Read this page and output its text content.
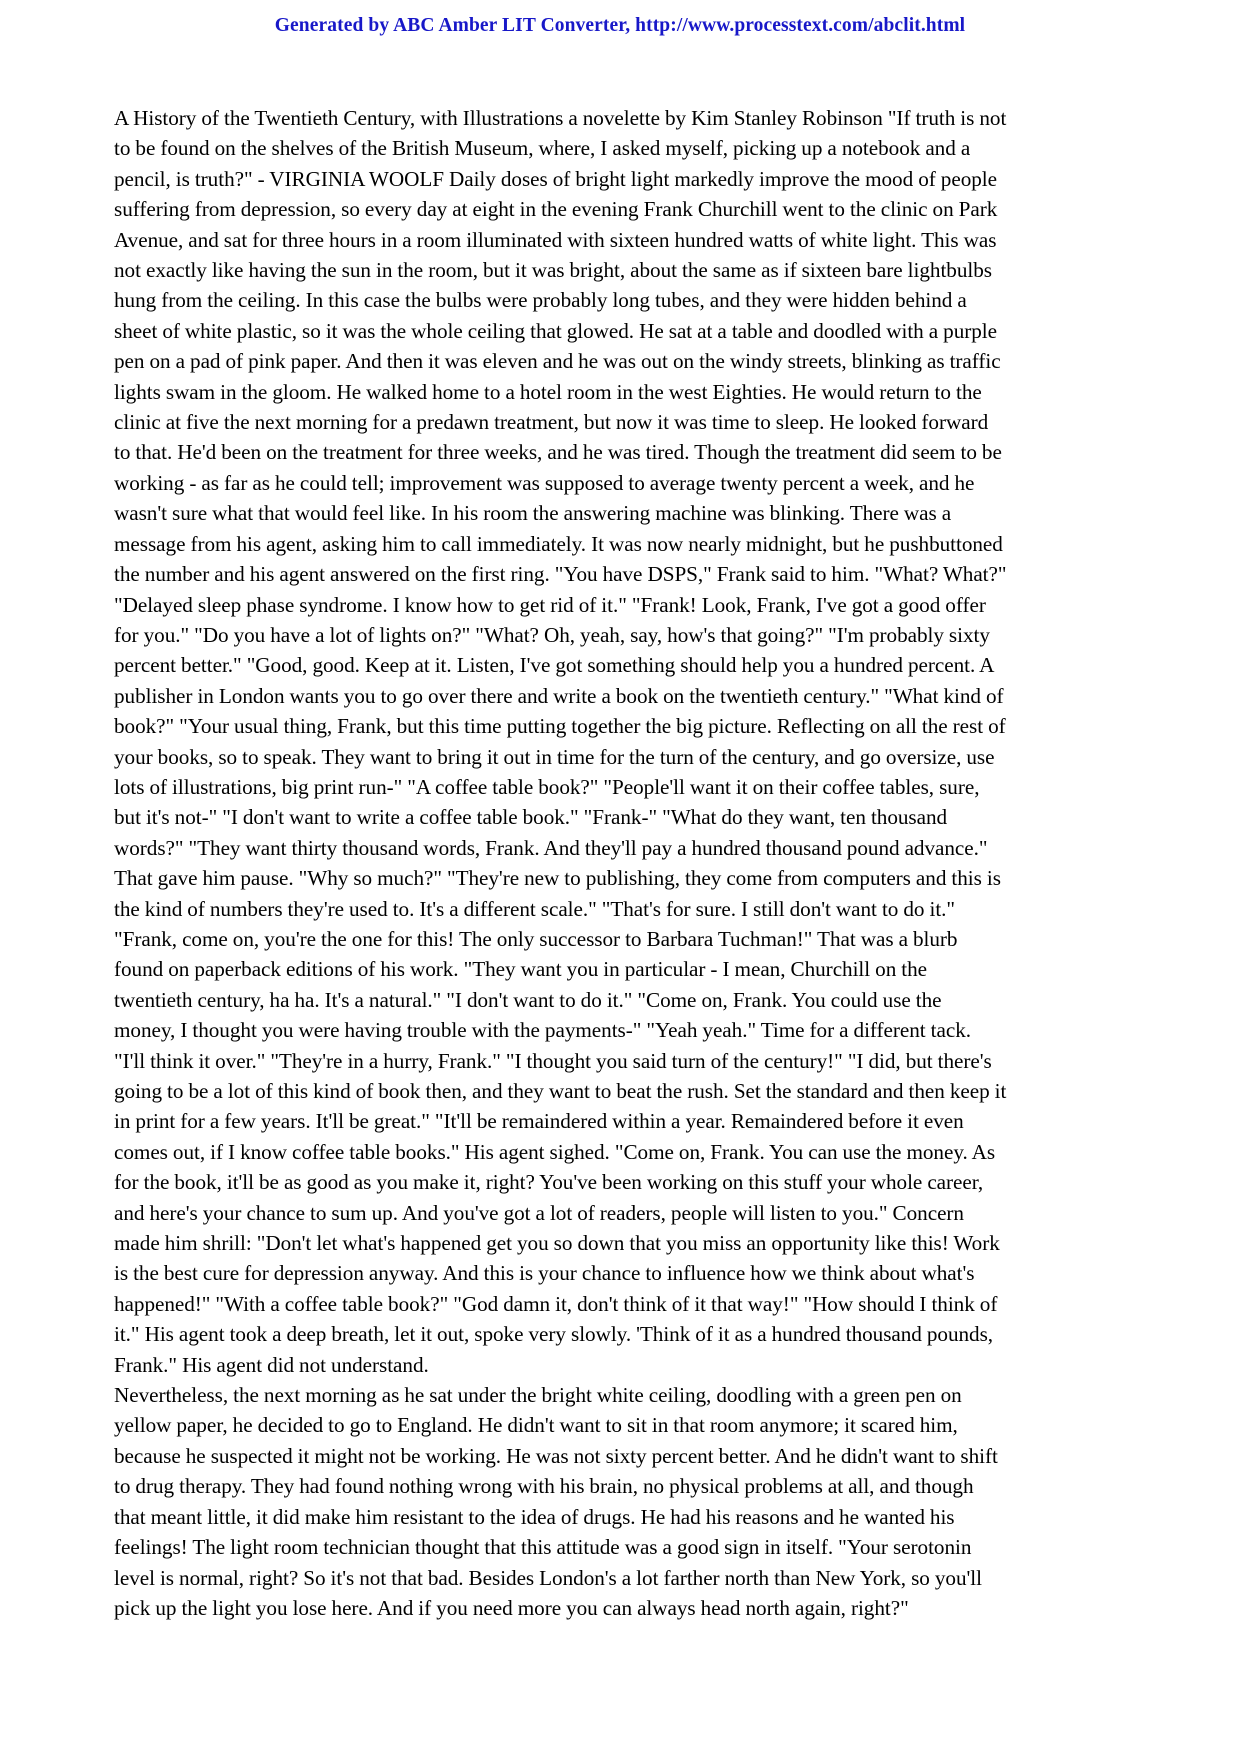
Generated by ABC Amber LIT Converter, http://www.processtext.com/abclit.html

A History of the Twentieth Century, with Illustrations a novelette by Kim Stanley Robinson "If truth is not to be found on the shelves of the British Museum, where, I asked myself, picking up a notebook and a pencil, is truth?" - VIRGINIA WOOLF Daily doses of bright light markedly improve the mood of people suffering from depression, so every day at eight in the evening Frank Churchill went to the clinic on Park Avenue, and sat for three hours in a room illuminated with sixteen hundred watts of white light. This was not exactly like having the sun in the room, but it was bright, about the same as if sixteen bare lightbulbs hung from the ceiling. In this case the bulbs were probably long tubes, and they were hidden behind a sheet of white plastic, so it was the whole ceiling that glowed. He sat at a table and doodled with a purple pen on a pad of pink paper. And then it was eleven and he was out on the windy streets, blinking as traffic lights swam in the gloom. He walked home to a hotel room in the west Eighties. He would return to the clinic at five the next morning for a predawn treatment, but now it was time to sleep. He looked forward to that. He'd been on the treatment for three weeks, and he was tired. Though the treatment did seem to be working - as far as he could tell; improvement was supposed to average twenty percent a week, and he wasn't sure what that would feel like. In his room the answering machine was blinking. There was a message from his agent, asking him to call immediately. It was now nearly midnight, but he pushbuttoned the number and his agent answered on the first ring. "You have DSPS," Frank said to him. "What? What?" "Delayed sleep phase syndrome. I know how to get rid of it." "Frank! Look, Frank, I've got a good offer for you." "Do you have a lot of lights on?" "What? Oh, yeah, say, how's that going?" "I'm probably sixty percent better." "Good, good. Keep at it. Listen, I've got something should help you a hundred percent. A publisher in London wants you to go over there and write a book on the twentieth century." "What kind of book?" "Your usual thing, Frank, but this time putting together the big picture. Reflecting on all the rest of your books, so to speak. They want to bring it out in time for the turn of the century, and go oversize, use lots of illustrations, big print run-" "A coffee table book?" "People'll want it on their coffee tables, sure, but it's not-" "I don't want to write a coffee table book." "Frank-" "What do they want, ten thousand words?" "They want thirty thousand words, Frank. And they'll pay a hundred thousand pound advance." That gave him pause. "Why so much?" "They're new to publishing, they come from computers and this is the kind of numbers they're used to. It's a different scale." "That's for sure. I still don't want to do it." "Frank, come on, you're the one for this! The only successor to Barbara Tuchman!" That was a blurb found on paperback editions of his work. "They want you in particular - I mean, Churchill on the twentieth century, ha ha. It's a natural." "I don't want to do it." "Come on, Frank. You could use the money, I thought you were having trouble with the payments-" "Yeah yeah." Time for a different tack. "I'll think it over." "They're in a hurry, Frank." "I thought you said turn of the century!" "I did, but there's going to be a lot of this kind of book then, and they want to beat the rush. Set the standard and then keep it in print for a few years. It'll be great." "It'll be remaindered within a year. Remaindered before it even comes out, if I know coffee table books." His agent sighed. "Come on, Frank. You can use the money. As for the book, it'll be as good as you make it, right? You've been working on this stuff your whole career, and here's your chance to sum up. And you've got a lot of readers, people will listen to you." Concern made him shrill: "Don't let what's happened get you so down that you miss an opportunity like this! Work is the best cure for depression anyway. And this is your chance to influence how we think about what's happened!" "With a coffee table book?" "God damn it, don't think of it that way!" "How should I think of it." His agent took a deep breath, let it out, spoke very slowly. 'Think of it as a hundred thousand pounds, Frank." His agent did not understand.

Nevertheless, the next morning as he sat under the bright white ceiling, doodling with a green pen on yellow paper, he decided to go to England. He didn't want to sit in that room anymore; it scared him, because he suspected it might not be working. He was not sixty percent better. And he didn't want to shift to drug therapy. They had found nothing wrong with his brain, no physical problems at all, and though that meant little, it did make him resistant to the idea of drugs. He had his reasons and he wanted his feelings! The light room technician thought that this attitude was a good sign in itself. "Your serotonin level is normal, right? So it's not that bad. Besides London's a lot farther north than New York, so you'll pick up the light you lose here. And if you need more you can always head north again, right?"
